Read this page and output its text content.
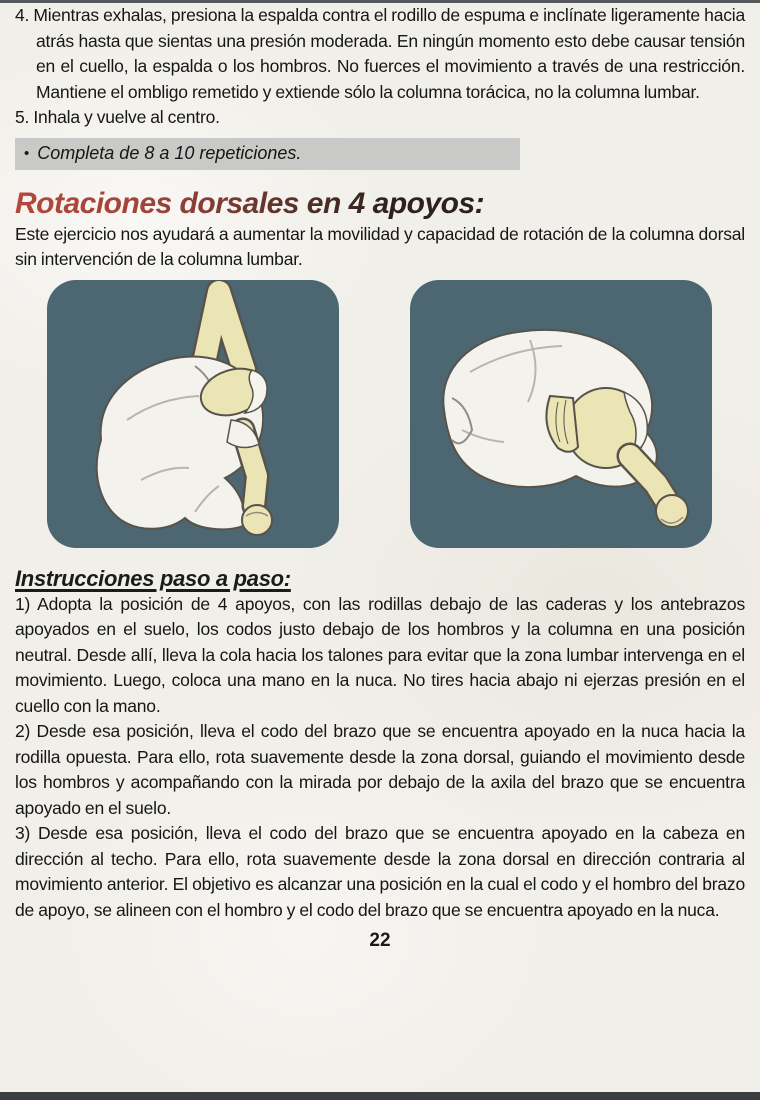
4. Mientras exhalas, presiona la espalda contra el rodillo de espuma e inclínate ligeramente hacia atrás hasta que sientas una presión moderada. En ningún momento esto debe causar tensión en el cuello, la espalda o los hombros. No fuerces el movimiento a través de una restricción. Mantiene el ombligo remetido y extiende sólo la columna torácica, no la columna lumbar.

5. Inhala y vuelve al centro.

• Completa de 8 a 10 repeticiones.
Rotaciones dorsales en 4 apoyos:

Este ejercicio nos ayudará a aumentar la movilidad y capacidad de rotación de la columna dorsal sin intervención de la columna lumbar.

Instrucciones paso a paso:

1) Adopta la posición de 4 apoyos, con las rodillas debajo de las caderas y los antebrazos apoyados en el suelo, los codos justo debajo de los hombros y la columna en una posición neutral. Desde allí, lleva la cola hacia los talones para evitar que la zona lumbar intervenga en el movimiento. Luego, coloca una mano en la nuca. No tires hacia abajo ni ejerzas presión en el cuello con la mano.

2) Desde esa posición, lleva el codo del brazo que se encuentra apoyado en la nuca hacia la rodilla opuesta. Para ello, rota suavemente desde la zona dorsal, guiando el movimiento desde los hombros y acompañando con la mirada por debajo de la axila del brazo que se encuentra apoyado en el suelo.

3) Desde esa posición, lleva el codo del brazo que se encuentra apoyado en la cabeza en dirección al techo. Para ello, rota suavemente desde la zona dorsal en dirección contraria al movimiento anterior. El objetivo es alcanzar una posición en la cual el codo y el hombro del brazo de apoyo, se alineen con el hombro y el codo del brazo que se encuentra apoyado en la nuca.

22
